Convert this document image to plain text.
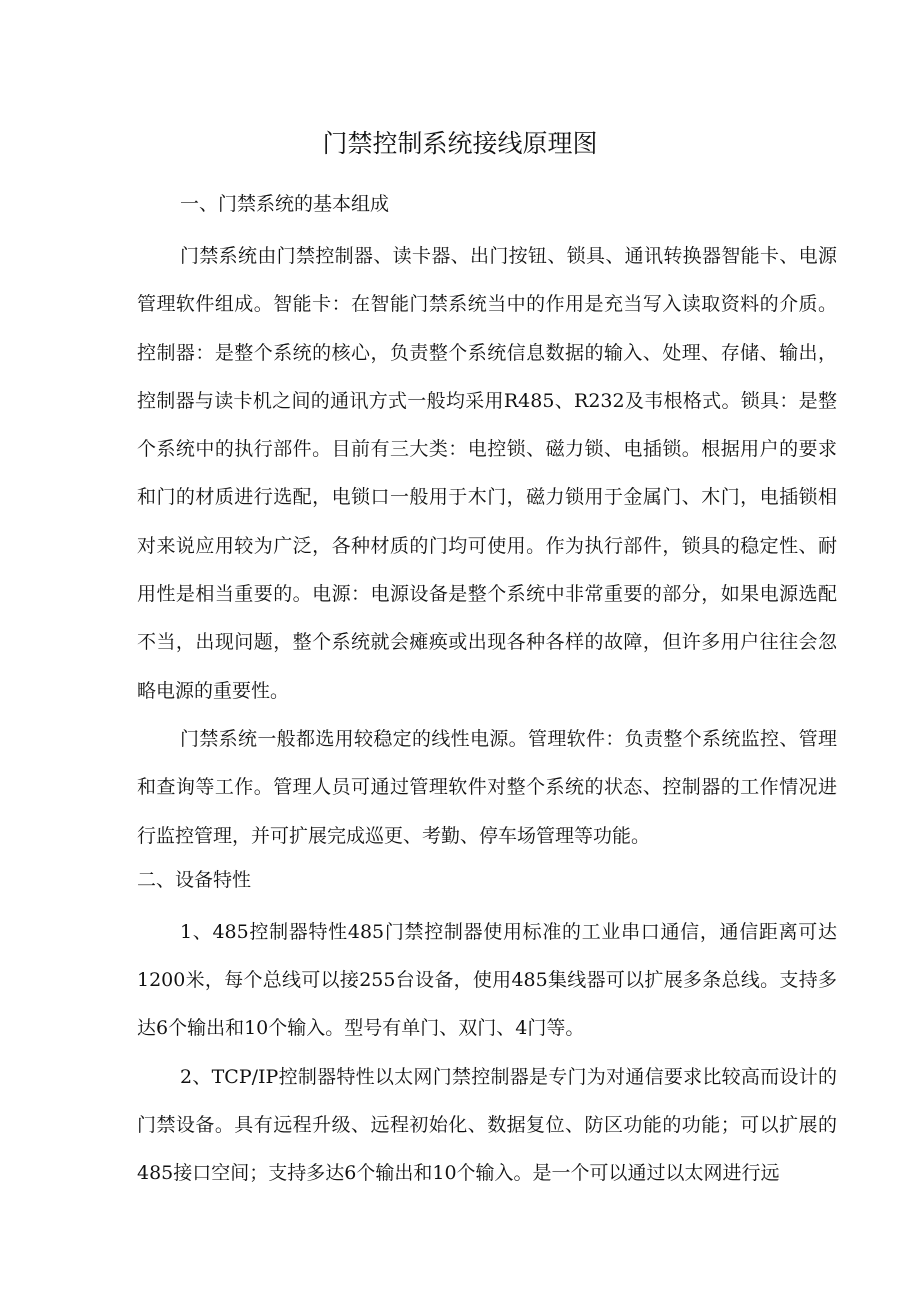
门禁控制系统接线原理图
一、门禁系统的基本组成

门禁系统由门禁控制器、读卡器、出门按钮、锁具、通讯转换器智能卡、电源管理软件组成。智能卡：在智能门禁系统当中的作用是充当写入读取资料的介质。控制器：是整个系统的核心，负责整个系统信息数据的输入、处理、存储、输出，控制器与读卡机之间的通讯方式一般均采用R485、R232及韦根格式。锁具：是整个系统中的执行部件。目前有三大类：电控锁、磁力锁、电插锁。根据用户的要求和门的材质进行选配，电锁口一般用于木门，磁力锁用于金属门、木门，电插锁相对来说应用较为广泛，各种材质的门均可使用。作为执行部件，锁具的稳定性、耐用性是相当重要的。电源：电源设备是整个系统中非常重要的部分，如果电源选配不当，出现问题，整个系统就会瘫痪或出现各种各样的故障，但许多用户往往会忽略电源的重要性。

门禁系统一般都选用较稳定的线性电源。管理软件：负责整个系统监控、管理和查询等工作。管理人员可通过管理软件对整个系统的状态、控制器的工作情况进行监控管理，并可扩展完成巡更、考勤、停车场管理等功能。

二、设备特性

1、485控制器特性485门禁控制器使用标准的工业串口通信，通信距离可达1200米，每个总线可以接255台设备，使用485集线器可以扩展多条总线。支持多达6个输出和10个输入。型号有单门、双门、4门等。

2、TCP/IP控制器特性以太网门禁控制器是专门为对通信要求比较高而设计的门禁设备。具有远程升级、远程初始化、数据复位、防区功能的功能；可以扩展的485接口空间；支持多达6个输出和10个输入。是一个可以通过以太网进行远
